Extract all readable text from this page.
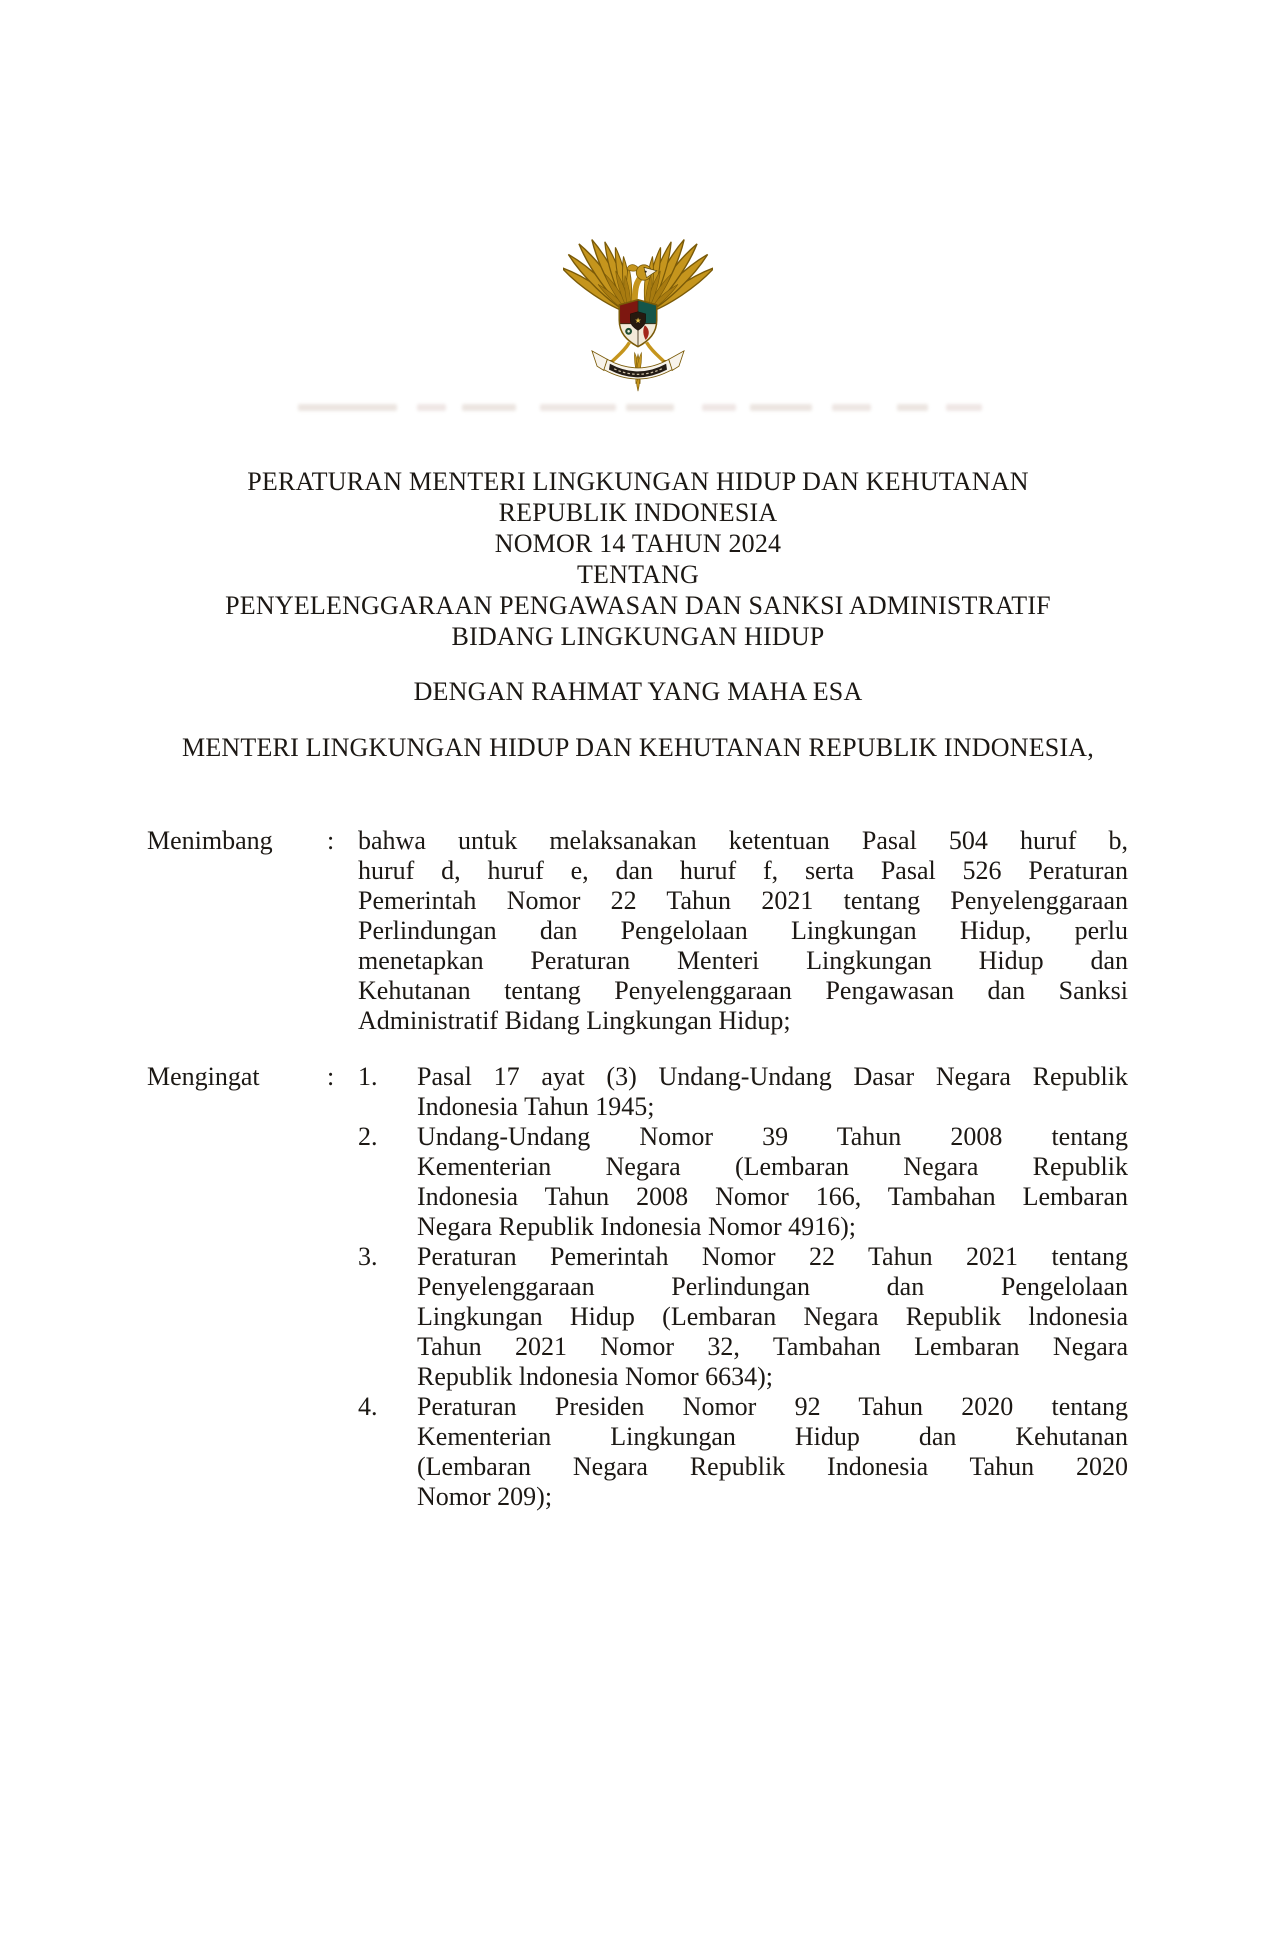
★
PERATURAN MENTERI LINGKUNGAN HIDUP DAN KEHUTANAN
REPUBLIK INDONESIA
NOMOR 14 TAHUN 2024
TENTANG
PENYELENGGARAAN PENGAWASAN DAN SANKSI ADMINISTRATIF
BIDANG LINGKUNGAN HIDUP
DENGAN RAHMAT YANG MAHA ESA
MENTERI LINGKUNGAN HIDUP DAN KEHUTANAN REPUBLIK INDONESIA,
Menimbang	: bahwa untuk melaksanakan ketentuan Pasal 504 huruf b,
huruf d, huruf e, dan huruf f, serta Pasal 526 Peraturan
Pemerintah Nomor 22 Tahun 2021 tentang Penyelenggaraan
Perlindungan dan Pengelolaan Lingkungan Hidup, perlu
menetapkan Peraturan Menteri Lingkungan Hidup dan
Kehutanan tentang Penyelenggaraan Pengawasan dan Sanksi
Administratif Bidang Lingkungan Hidup;
Mengingat	: 1.	Pasal 17 ayat (3) Undang-Undang Dasar Negara Republik
Indonesia Tahun 1945;
2.	Undang-Undang Nomor 39 Tahun 2008 tentang
Kementerian Negara (Lembaran Negara Republik
Indonesia Tahun 2008 Nomor 166, Tambahan Lembaran
Negara Republik Indonesia Nomor 4916);
3.	Peraturan Pemerintah Nomor 22 Tahun 2021 tentang
Penyelenggaraan Perlindungan dan Pengelolaan
Lingkungan Hidup (Lembaran Negara Republik lndonesia
Tahun 2021 Nomor 32, Tambahan Lembaran Negara
Republik lndonesia Nomor 6634);
4.	Peraturan Presiden Nomor 92 Tahun 2020 tentang
Kementerian Lingkungan Hidup dan Kehutanan
(Lembaran Negara Republik Indonesia Tahun 2020
Nomor 209);
